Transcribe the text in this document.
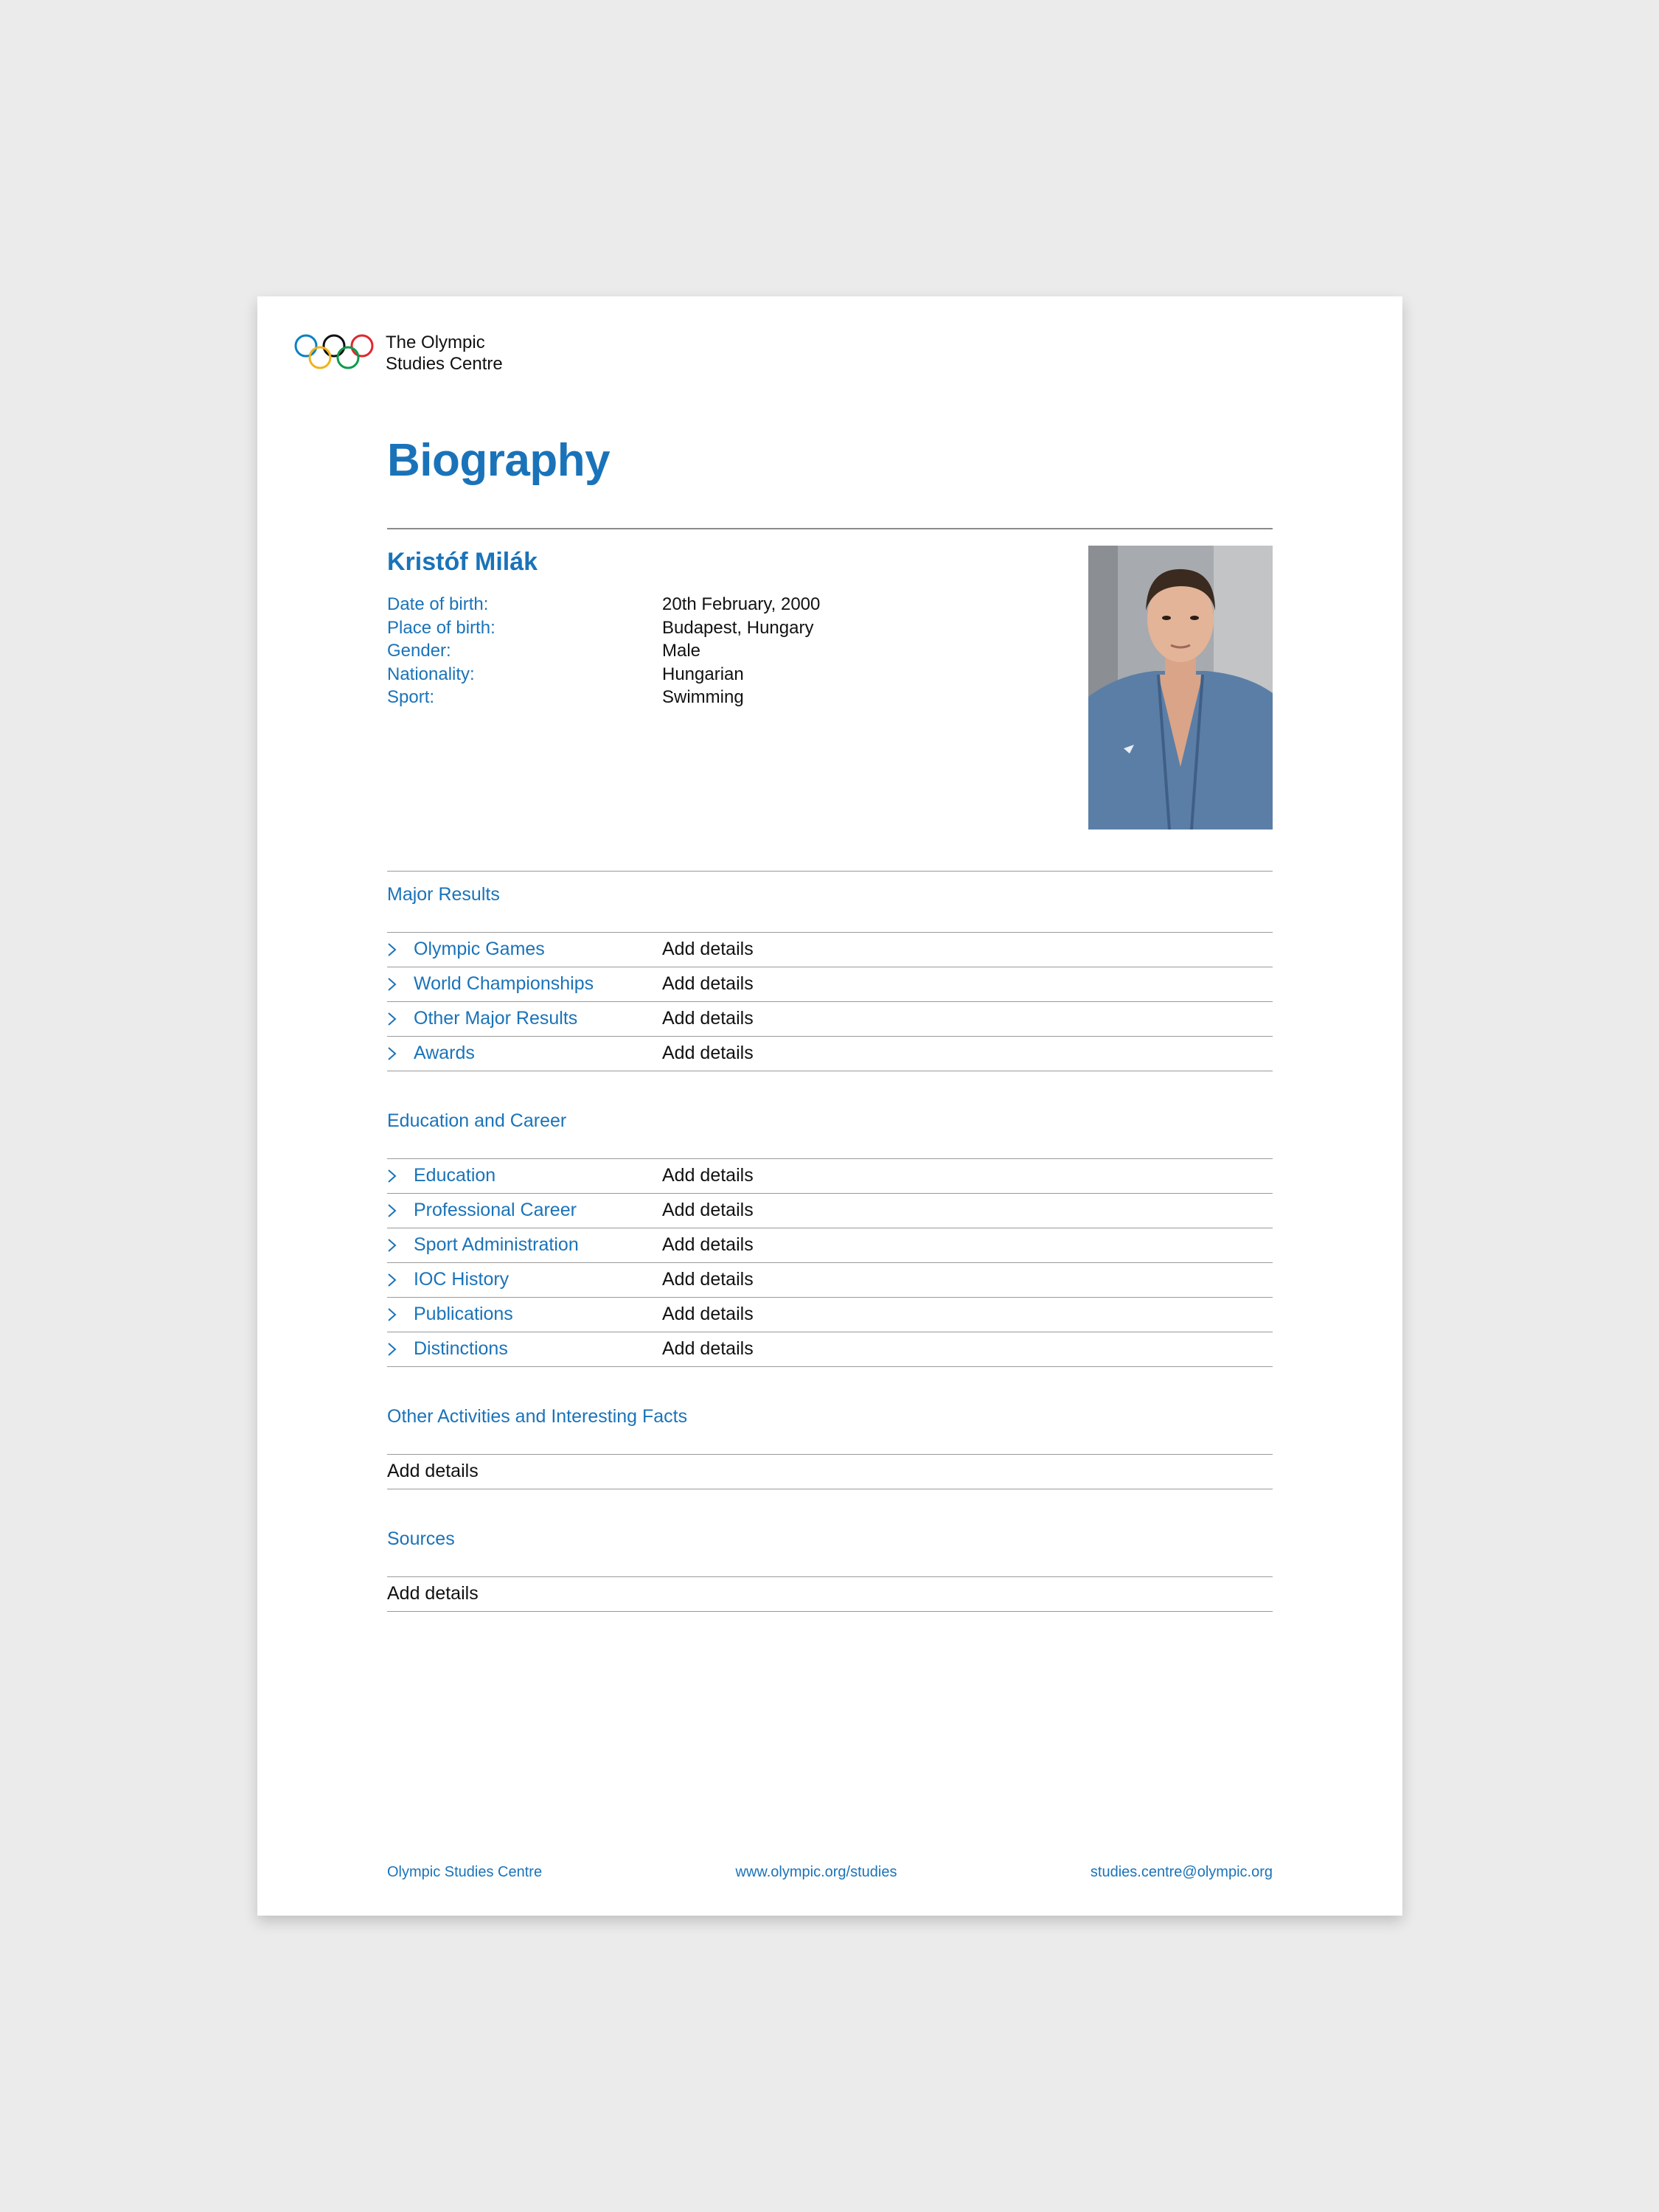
The Olympic
Studies Centre
Biography
Kristóf Milák
Date of birth:	20th February, 2000
Place of birth:	Budapest, Hungary
Gender:	Male
Nationality:	Hungarian
Sport:	Swimming
Major Results
Olympic Games	Add details
World Championships	Add details
Other Major Results	Add details
Awards	Add details
Education and Career
Education	Add details
Professional Career	Add details
Sport Administration	Add details
IOC History	Add details
Publications	Add details
Distinctions	Add details
Other Activities and Interesting Facts
Add details
Sources
Add details
Olympic Studies Centre	www.olympic.org/studies	studies.centre@olympic.org
